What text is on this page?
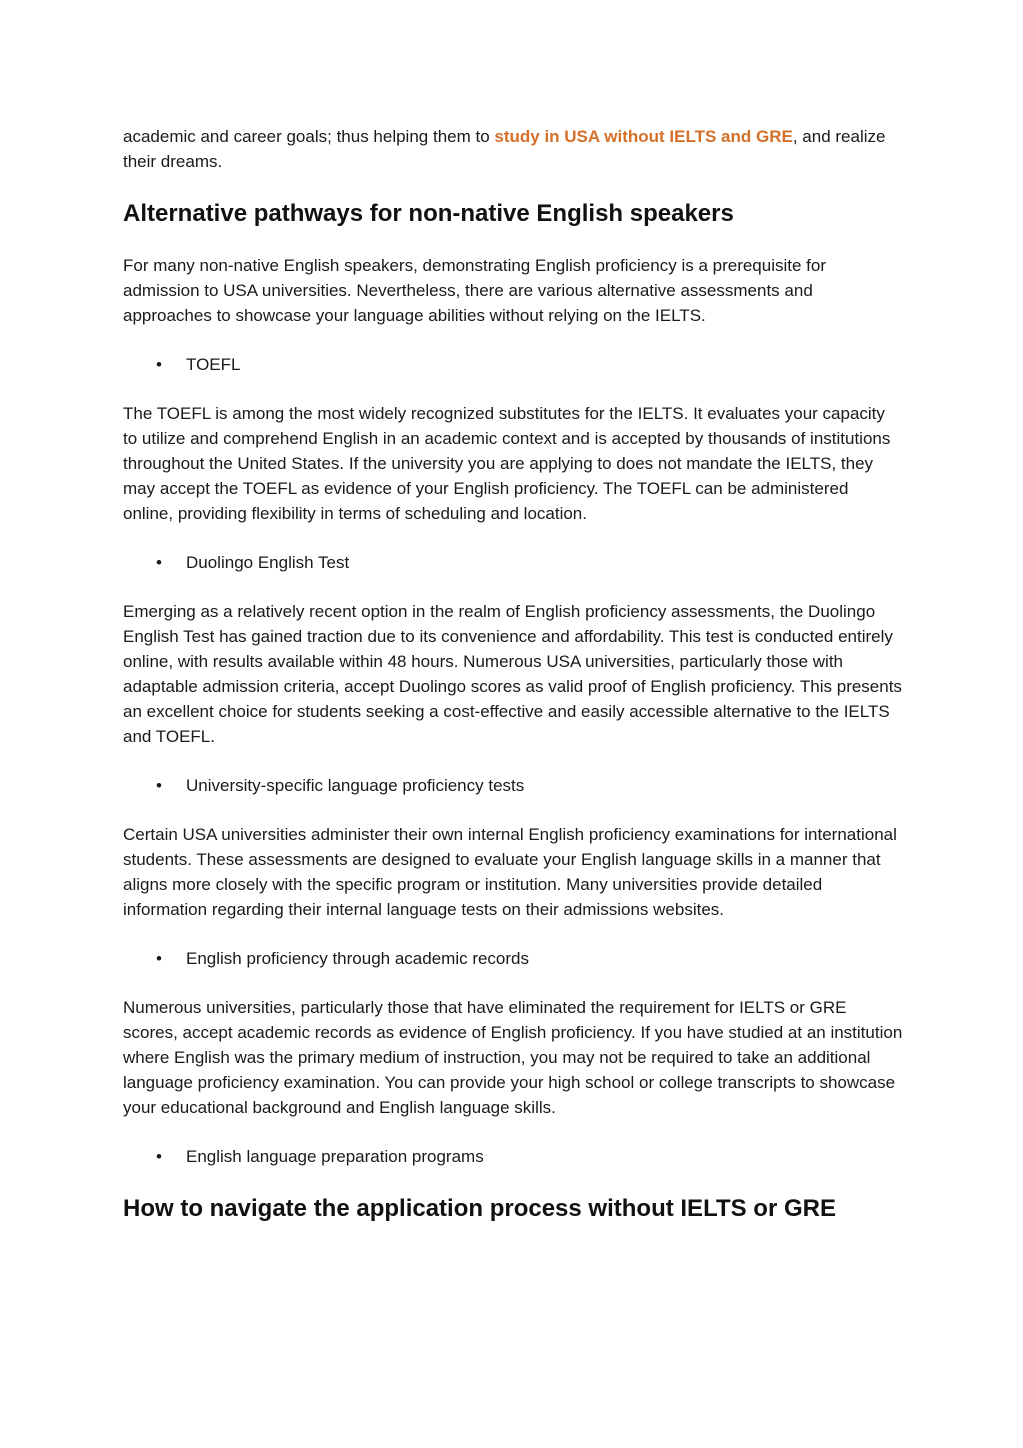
academic and career goals; thus helping them to study in USA without IELTS and GRE, and realize their dreams.

Alternative pathways for non-native English speakers

For many non-native English speakers, demonstrating English proficiency is a prerequisite for admission to USA universities. Nevertheless, there are various alternative assessments and approaches to showcase your language abilities without relying on the IELTS.

• TOEFL

The TOEFL is among the most widely recognized substitutes for the IELTS. It evaluates your capacity to utilize and comprehend English in an academic context and is accepted by thousands of institutions throughout the United States. If the university you are applying to does not mandate the IELTS, they may accept the TOEFL as evidence of your English proficiency. The TOEFL can be administered online, providing flexibility in terms of scheduling and location.

• Duolingo English Test

Emerging as a relatively recent option in the realm of English proficiency assessments, the Duolingo English Test has gained traction due to its convenience and affordability. This test is conducted entirely online, with results available within 48 hours. Numerous USA universities, particularly those with adaptable admission criteria, accept Duolingo scores as valid proof of English proficiency. This presents an excellent choice for students seeking a cost-effective and easily accessible alternative to the IELTS and TOEFL.

• University-specific language proficiency tests

Certain USA universities administer their own internal English proficiency examinations for international students. These assessments are designed to evaluate your English language skills in a manner that aligns more closely with the specific program or institution. Many universities provide detailed information regarding their internal language tests on their admissions websites.

• English proficiency through academic records

Numerous universities, particularly those that have eliminated the requirement for IELTS or GRE scores, accept academic records as evidence of English proficiency. If you have studied at an institution where English was the primary medium of instruction, you may not be required to take an additional language proficiency examination. You can provide your high school or college transcripts to showcase your educational background and English language skills.

• English language preparation programs
How to navigate the application process without IELTS or GRE
